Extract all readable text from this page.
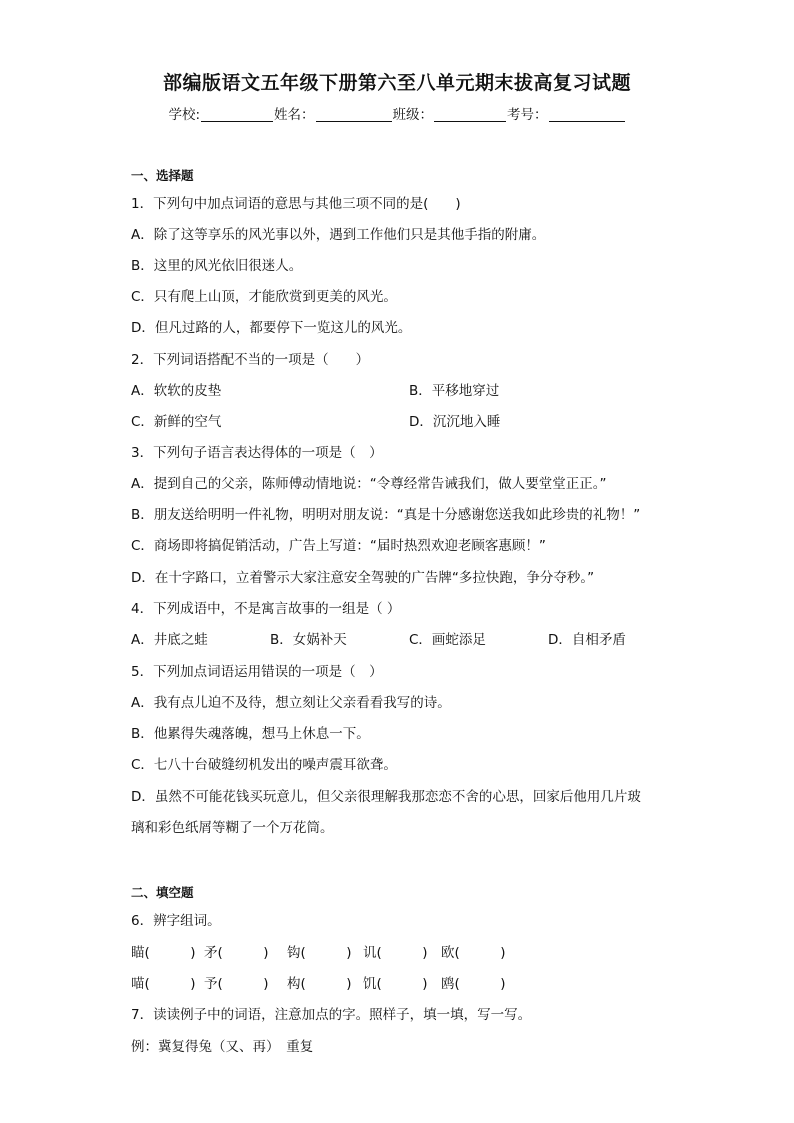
部编版语文五年级下册第六至八单元期末拔高复习试题
学校:	姓名：	班级：	考号：
一、选择题
1．下列句中加点词语的意思与其他三项不同的是(　　)
A．除了这等享乐的风光事以外，遇到工作他们只是其他手指的附庸。
B．这里的风光依旧很迷人。
C．只有爬上山顶，才能欣赏到更美的风光。
D．但凡过路的人，都要停下一览这儿的风光。
2．下列词语搭配不当的一项是（　　）
A．软软的皮垫	B．平移地穿过
C．新鲜的空气	D．沉沉地入睡
3．下列句子语言表达得体的一项是（　）
A．提到自己的父亲，陈师傅动情地说：“令尊经常告诫我们，做人要堂堂正正。”
B．朋友送给明明一件礼物，明明对朋友说：“真是十分感谢您送我如此珍贵的礼物！”
C．商场即将搞促销活动，广告上写道：“届时热烈欢迎老顾客惠顾！”
D．在十字路口，立着警示大家注意安全驾驶的广告牌“多拉快跑，争分夺秒。”
4．下列成语中，不是寓言故事的一组是（ ）
A．井底之蛙	B．女娲补天	C．画蛇添足	D．自相矛盾
5．下列加点词语运用错误的一项是（　）
A．我有点儿迫不及待，想立刻让父亲看看我写的诗。
B．他累得失魂落魄，想马上休息一下。
C．七八十台破缝纫机发出的噪声震耳欲聋。
D．虽然不可能花钱买玩意儿，但父亲很理解我那恋恋不舍的心思，回家后他用几片玻
璃和彩色纸屑等糊了一个万花筒。
二、填空题
6．辨字组词。
瞄(　　　) 矛(　　　) 钩(　　　) 讥(　　　) 欧(　　　)
喵(　　　) 予(　　　) 构(　　　) 饥(　　　) 鸥(　　　)
7．读读例子中的词语，注意加点的字。照样子，填一填，写一写。
例：冀复得兔（又、再）　重复
